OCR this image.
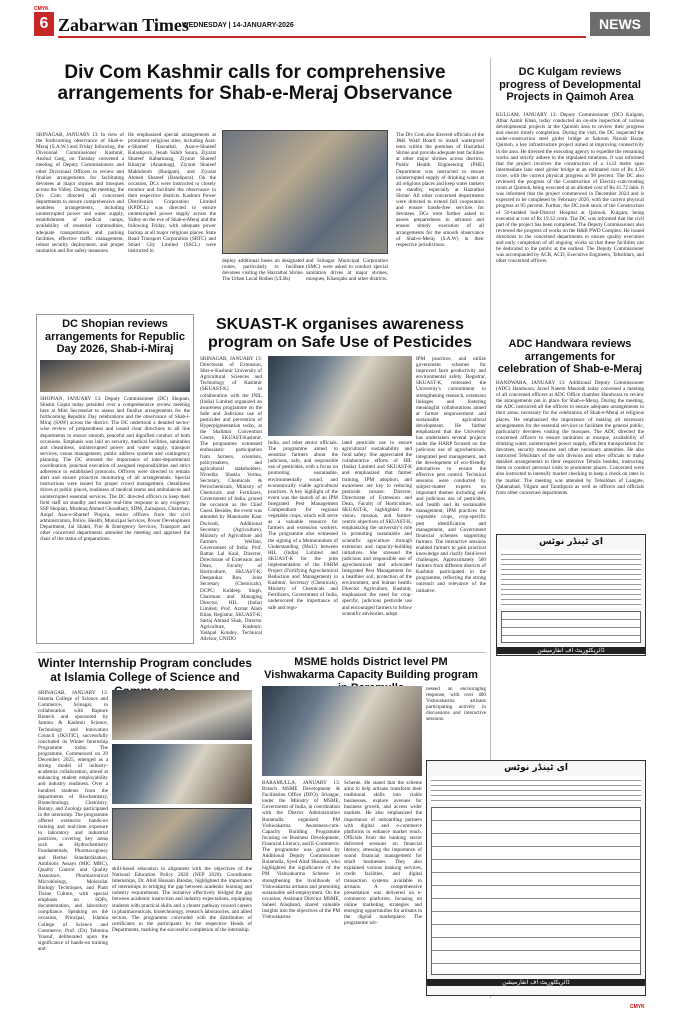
CMYK
6 Zabarwan Times
WEDNESDAY | 14-JANUARY-2026	NEWS
Div Com Kashmir calls for comprehensive arrangements for Shab-e-Meraj Observance
SRINAGAR, JANUARY 13: In view of the forthcoming observance of Shab-e-Meraj (S.A.W.) and Friday following, the Divisional Commissioner Kashmir, Anshul Garg, on Tuesday convened a meeting of Deputy Commissioners and other Divisional Officers to review and finalize arrangements for facilitating devotees at major shrines and mosques across the Valley. During the meeting, the Div Com directed all concerned departments to ensure comprehensive and seamless arrangements, including uninterrupted power and water supply, establishment of medical camps, availability of essential commodities, adequate transportation and parking facilities, effective traffic management, robust security deployment, and proper sanitation and fire safety measures.
He emphasized special arrangements at prominent religious sites, including Asar-e-Shareef Hazratbal, Asar-e-Shareef Kalashpora, Jenab Sahib Soura, Ziyarat Shareef Kabarnarag, Ziyarat Shareef Khanyar (Anantnag), Ziyarat Shareef Makhdoom (Budgam), and Ziyarat Ahmed Shareef (Bandipora). On the occasion, DCs were instructed to closely monitor and facilitate the observance in their respective districts. Kashmir Power Distribution Corporation Limited (KPDCL) was directed to ensure uninterrupted power supply across the Valley on the eve of Shab-e-Meraj and the following Friday, with adequate power backup at all major religious places. State Road Transport Corporation (SRTC) and Smart City Limited (SSCL) were instructed to
deploy additional buses on designated routes, particularly to facilitate devotees visiting the Hazratbal Shrine. The Urban Local Bodies (ULBs)
and Srinagar Municipal Corporation (SMC) were asked to conduct special sanitation drives at major shrines, mosques, Khanqahs and other districts.
The Div Com also directed officials of the J&K Wakf Board to install waterproof tents within the premises of Hazratbal Shrine and provide adequate tent facilities at other major shrines across districts. Public Health Engineering (PHE) Department was instructed to ensure uninterrupted supply of drinking water at all religious places and keep water tankers on standby, especially at Hazratbal Shrine. All other concerned departments were directed to extend full cooperation and ensure hassle-free services for devotees. DCs were further asked to assess preparedness in advance and ensure timely execution of all arrangements for the smooth observance of Shab-e-Meraj (S.A.W) in their respective jurisdictions.
DC Kulgam reviews progress of Developmental Projects in Qaimoh Area
KULGAM, JANUARY 13: Deputy Commissioner (DC) Kulgam, Athar Aamir Khan, today conducted an on-site inspection of various developmental projects at the Qaimoh area to review their progress and ensure timely completion. During the visit, the DC inspected the under-construction steel girder bridge at Sakrum Nawab Bazar, Qaimoh, a key infrastructure project aimed at improving connectivity in the area. He directed the executing agency to expedite the remaining works and strictly adhere to the stipulated timelines. It was informed that the project involves the construction of a 1x33 metre span intermediate lane steel girder bridge at an estimated cost of Rs 4.56 crore, with the current physical progress at 98 percent. The DC also reviewed the progress of the Construction of Electric-cum-reading room at Qaimoh, being executed at an allotted cost of Rs 41.72 lakh. It was informed that the project commenced in December 2024 and is expected to be completed by February 2026, with the current physical progress at 95 percent. Further, the DC took stock of the Construction of 50-bedded Sub-District Hospital at Qaimoh, Kulgam, being executed at cost of Rs 19.32 crore. The DC was informed that the civil part of the project has been completed. The Deputy Commissioner also reviewed the progress of works on the R&B PWD Complex. He issued directions to the concerned departments to ensure quality execution and early completion of all ongoing works so that these facilities can be dedicated to the public at the earliest. The Deputy Commissioner was accompanied by ACR, ACD, Executive Engineers, Tehsildars, and other concerned officers.
DC Shopian reviews arrangements for Republic Day 2026, Shab-i-Miraj
SHOPIAN, JANUARY 13: Deputy Commissioner (DC) Shopian, Shishir Gupta today presided over a comprehensive review meeting here at Mini Secretariat to assess and finalize arrangements for the forthcoming Republic Day celebrations and the observance of Shab-i-Miraj (SAW) across the district. The DC undertook a detailed sector-wise review of preparedness and issued clear directions to all line departments to ensure smooth, peaceful and dignified conduct of both occasions. Emphasis was laid on security, medical facilities, sanitation and cleanliness, uninterrupted power and water supply, transport services, venue management, public address systems and contingency planning. The DC stressed the importance of inter-departmental coordination, punctual execution of assigned responsibilities and strict adherence to established protocols. Officers were directed to remain alert and ensure proactive monitoring of all arrangements. Special instructions were issued for proper crowd management, cleanliness drives at public places, readiness of medical teams and ambulances and uninterrupted essential services. The DC directed officers to keep their field staff on standby and ensure real-time response to any exigency. SSP Shopian, Mushtaq Ahmed Choudhary, SDM, Zainapora, Chairman, Auqaf Asar-e-Shareef Pinjora, senior officers from the civil administration, Police, Health, Municipal Services, Power Development Department, Jal Shakti, Fire & Emergency Services, Transport and other concerned departments attended the meeting and apprised the chair of the status of preparations.
SKUAST-K organises awareness program on Safe Use of Pesticides
SRINAGAR, JANUARY 13: Directorate of Extension, Sher-e-Kashmir University of Agricultural Sciences and Technology of Kashmir (SKUAST-K) in collaboration with the INIL (India) Limited organized an awareness programme on the Safe and Judicious use of pesticides and prevention of Hyperpigmentation today, at the Shalimar Convention Centre, SKUAST-Kashmir. The programme witnessed enthusiastic participation from farmers, scientists, policymakers, and agricultural stakeholders. Nivedita Shukla Verma, Secretary, Chemicals & Petrochemicals, Ministry of Chemicals and Fertilizers, Government of India, graced the occasion as the Chief Guest. Besides, the event was attended by Manoinder Kaur Dwivedi, Additional Secretary (Agriculture), Ministry of Agriculture and Farmers Welfare, Government of India; Prof. Rattan Lal Kaul, Director, Directorate of Extension and Dean, Faculty of Horticulture, SKUAST-K; Deepankar Ron, Joint Secretary (Chemicals), DCPC; Kuldeep Singh, Chairman and Managing Director, HIL (India) Limited; Prof. Azmat Alam Khan, Registrar, SKUAST-K; Sartaj Ahmad Shah, Director Agriculture, Kashmir; Yashpal Kondey, Technical Advisor, UNIDO
India, and other senior officials. The programme aimed to sensitize farmers about the judicious, safe, and responsible use of pesticides, with a focus on promoting sustainable, environmentally sound, and economically viable agricultural practices. A key highlight of the event was the launch of an IPM Integrated Pest Management Compendium for regional vegetable crops, which will serve as a valuable resource for farmers and extension workers. The programme also witnessed the signing of a Memorandum of Understanding (MoU) between HIL (India) Limited and SKUAST-K for the joint implementation of the FARM Project (Fortifying Agrochemical Reduction and Management) in Kashmir. Secretary (Chemicals), Ministry of Chemicals and Fertilizers, Government of India, underscored the importance of safe and regu-
lated pesticide use to ensure agricultural sustainability and food safety. She appreciated the collaborative efforts of HIL (India) Limited and SKUAST-K and emphasized that farmer training, IPM adoption, and awareness are key to reducing pesticide misuse. Director, Directorate of Extension and Dean, Faculty of Horticulture, SKUAST-K, highlighted the vision, mission, and farmer-centric objectives of SKUAST-K, emphasizing the university's role in promoting sustainable and scientific agriculture through extension and capacity-building initiatives. She stressed the judicious and responsible use of agrochemicals and advocated Integrated Pest Management for a healthier soil, protection of the environment, and human health. Director Agriculture, Kashmir, emphasized the need for crop-specific, judicious pesticide use and encouraged farmers to follow scientific advisories, adopt
IPM practices, and utilize government schemes for improved farm productivity and environmental safety. Registrar, SKUAST-K, reiterated the University's commitment to strengthening research, extension linkages and fostering meaningful collaborations aimed at farmer empowerment and sustainable agricultural development. He further emphasized that the University has undertaken several projects under the HARP focused on the judicious use of agrochemicals, integrated pest management, and the development of eco-friendly alternatives to ensure the effective pest control. Technical sessions were conducted by subject-matter experts on important themes including safe and judicious use of pesticides, soil health and its sustainable management, IPM practices for vegetable crops, crop-specific pest identification and management, and Government financial schemes supporting farmers. The interactive sessions enabled farmers to gain practical knowledge and clarify field-level challenges. Approximately 500 farmers from different districts of Kashmir participated in the programme, reflecting the strong outreach and relevance of the initiative.
ADC Handwara reviews arrangements for celebration of Shab-e-Meraj
HANDWARA, JANUARY 13: Additional Deputy Commissioner (ADC) Handwara, Javed Naeem Masoodi today convened a meeting of all concerned officers at ADC Office chamber Handwara to review the arrangements put in place for Shab-e-Meraj. During the meeting, the ADC instructed all the officers to ensure adequate arrangements in their areas, necessary for the celebration of Shab-e-Meraj at religious places. He emphasized the importance of making all necessary arrangements for the essential services to facilitate the general public, particularly devotees visiting the mosques. The ADC directed the concerned officers to ensure sanitation at mosque, availability of drinking water, uninterrupted power supply, efficient transportation for devotees, security measures and other necessary amenities. He also instructed Tehsildars of the sub division and other officials to make detailed arrangements in their respective Tehsils besides, instructing them to conduct personal visits to prominent places. Concerned were also instructed to intensify market checking to keep a check on rates in the market. The meeting was attended by Tehsildars of Langate, Qalamabad, Vilgam and Tarathpora as well as officers and officials from other concerned departments.
ای ٹینڈر نوٹس
ڈائریکٹوریٹ آف انفارمیشن
Winter Internship Program concludes at Islamia College of Science and
SRINAGAR, JANUARY 13: Islamia College of Science and Commerce, Srinagar, in collaboration with Rapture Biotech and sponsored by Jammu & Kashmir Science, Technology and Innovation Council (JKSTIC), successfully concluded its Winter Internship Programme today. The programme, Commenced on 29 December, 2025, emerged as a strong model of industry-academia collaboration, aimed at enhancing student employability and industry readiness. Over a hundred students from the departments of Biochemistry, Biotechnology, Chemistry, Botany, and Zoology participated in the internship. The programme offered extensive hands-on training and real-time exposure to laboratory and industrial practices, covering key areas such as Hydrochemistry Fundamentals, Pharmacognosy and Herbal Standardization, Antibiotic Assays (MIC MBC), Quality Control and Quality Assurance, Pharmaceutical Microbiology, Molecular Biology Techniques, and Plant Tissue Culture, with special emphasis on SOPs, documentation, and laboratory compliance. Speaking on the occasion, Principal, Islamia College of Science and Commerce, Prof. (Dr) Tehmina Yousuf, deliberated upon the significance of hands-on training and
skill-based education in alignment with the objectives of the National Education Policy 2020 (NEP 2020). Coordinator Internships, Dr. Abid Hussain Banday, highlighted the importance of internships in bridging the gap between academic learning and industry requirements. The initiative effectively bridged the gap between academic instruction and industry expectations, equipping students with practical skills and a clearer pathway toward careers in pharmaceuticals, biotechnology, research laboratories, and allied sectors. The programme concluded with the distribution of certificates to the participants by the respective Heads of Departments, marking the successful completion of the internship.
MSME holds District level PM Vishwakarma Capacity Building program
BARAMULLA, JANUARY 13: Branch MSME Development & Facilitation Office (DFO), Srinagar, under the Ministry of MSME, Government of India, in coordination with the District Administration Baramulla organised PM Vishwakarma Awareness-cum-Capacity Building Programme focusing on Business Development, Financial Literacy, and E-Commerce. The programme was graced by Additional Deputy Commissioner Baramulla, Syed Altaf Hussain, who highlighted the significance of the PM Vishwakarma Scheme in strengthening the livelihoods of Vishwakarma artisans and promoting sustainable self-employment. On the occasion, Assistant Director MSME, Saheel Alaqband, shared valuable insights into the objectives of the PM Vishwakarma
Scheme. He stated that the scheme aims to help artisans transform their traditional skills into viable businesses, explore avenues for business growth, and access wider markets. He also emphasized the importance of onboarding partners with digital and e-commerce platforms to enhance market reach. Officials from the banking sector delivered sessions on financial literacy, stressing the importance of sound financial management for small businesses. They also explained various banking services, credit facilities, and digital transaction systems available to artisans. A comprehensive presentation was delivered on e-commerce platforms, focusing on online marketing strategies and emerging opportunities for artisans in the digital marketplace. The programme wit-
nessed an encouraging response, with over 400 Vishwakarma artisans participating actively in discussions and interactive sessions.
ای ٹینڈر نوٹس
ڈائریکٹوریٹ آف انفارمیشن
CMYK
